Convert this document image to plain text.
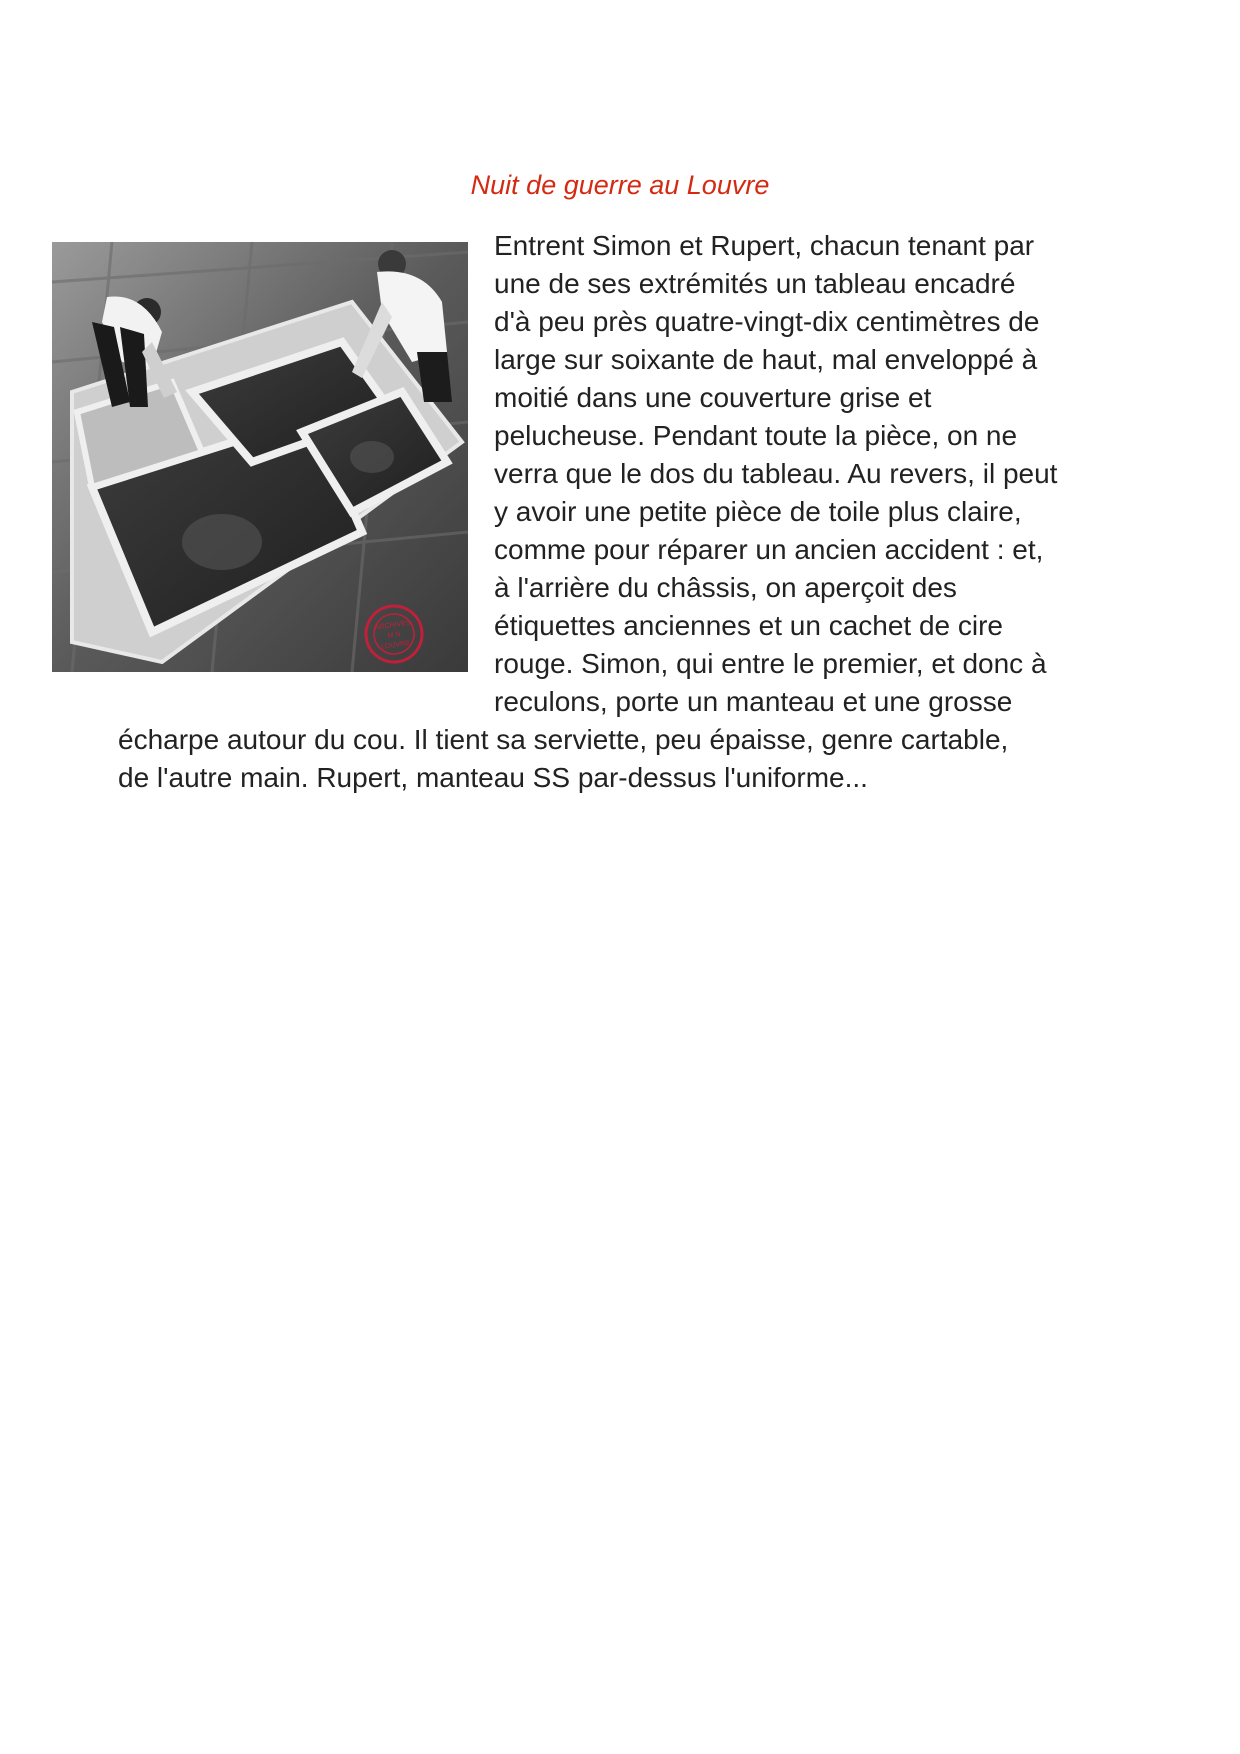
Nuit de guerre au Louvre
ARCHIVES
M N
LOUVRE
Entrent Simon et Rupert, chacun tenant par
une de ses extrémités un tableau encadré
d'à peu près quatre-vingt-dix centimètres de
large sur soixante de haut, mal enveloppé à
moitié dans une couverture grise et
pelucheuse. Pendant toute la pièce, on ne
verra que le dos du tableau. Au revers, il peut
y avoir une petite pièce de toile plus claire,
comme pour réparer un ancien accident : et,
à l'arrière du châssis, on aperçoit des
étiquettes anciennes et un cachet de cire
rouge. Simon, qui entre le premier, et donc à
reculons, porte un manteau et une grosse
écharpe autour du cou. Il tient sa serviette, peu épaisse, genre cartable,
de l'autre main. Rupert, manteau SS par-dessus l'uniforme...
